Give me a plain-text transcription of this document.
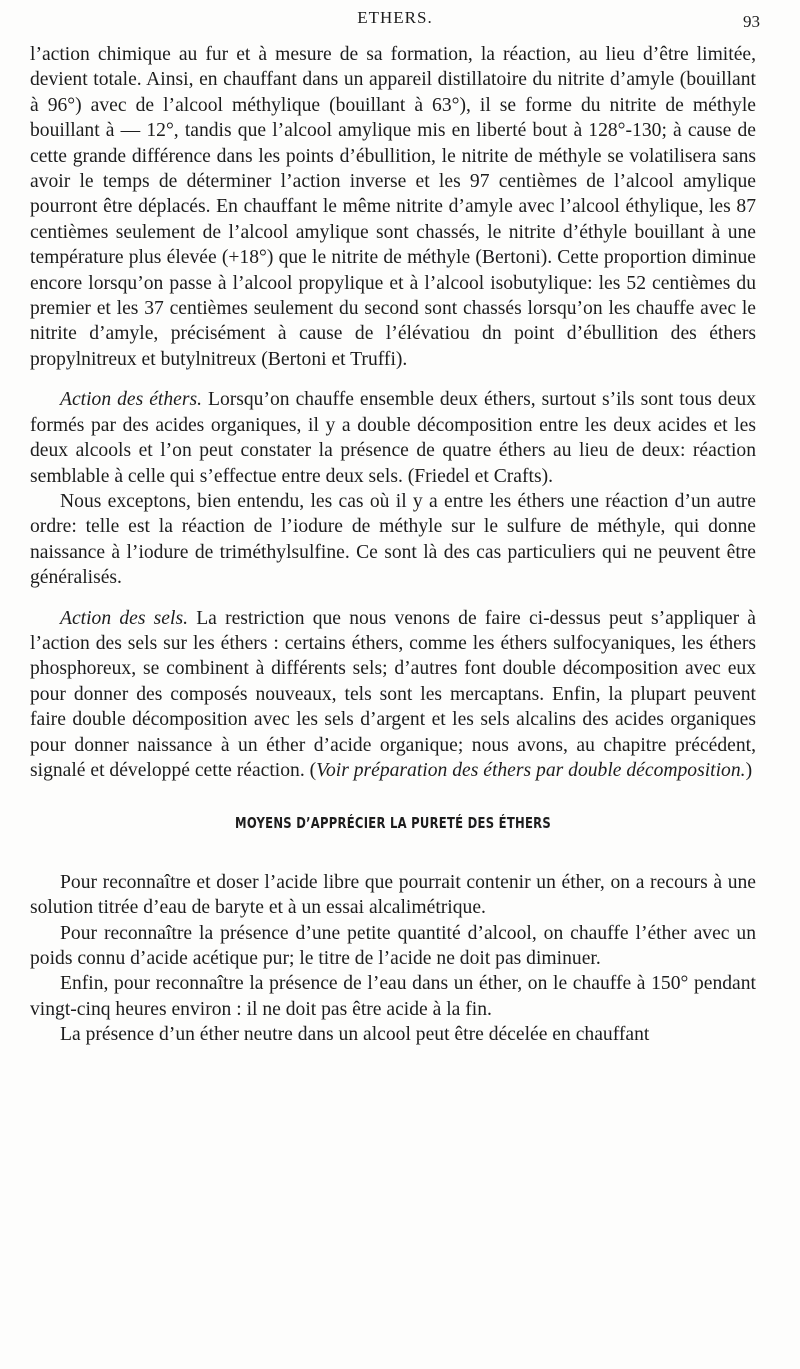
ETHERS.	93

l’action chimique au fur et à mesure de sa formation, la réaction, au lieu d’être limitée, devient totale. Ainsi, en chauffant dans un appareil distillatoire du nitrite d’amyle (bouillant à 96°) avec de l’alcool méthylique (bouillant à 63°), il se forme du nitrite de méthyle bouillant à — 12°, tandis que l’alcool amylique mis en liberté bout à 128°-130; à cause de cette grande différence dans les points d’ébullition, le nitrite de méthyle se volatilisera sans avoir le temps de déterminer l’action inverse et les 97 centièmes de l’alcool amylique pourront être déplacés. En chauffant le même nitrite d’amyle avec l’alcool éthylique, les 87 centièmes seulement de l’alcool amylique sont chassés, le nitrite d’éthyle bouillant à une température plus élevée (+18°) que le nitrite de méthyle (Bertoni). Cette proportion diminue encore lorsqu’on passe à l’alcool propylique et à l’alcool isobutylique: les 52 centièmes du premier et les 37 centièmes seulement du second sont chassés lorsqu’on les chauffe avec le nitrite d’amyle, précisément à cause de l’élévatiou dn point d’ébullition des éthers propylnitreux et butylnitreux (Bertoni et Truffi).

Action des éthers. Lorsqu’on chauffe ensemble deux éthers, surtout s’ils sont tous deux formés par des acides organiques, il y a double décomposition entre les deux acides et les deux alcools et l’on peut constater la présence de quatre éthers au lieu de deux: réaction semblable à celle qui s’effectue entre deux sels. (Friedel et Crafts).

Nous exceptons, bien entendu, les cas où il y a entre les éthers une réaction d’un autre ordre: telle est la réaction de l’iodure de méthyle sur le sulfure de méthyle, qui donne naissance à l’iodure de triméthylsulfine. Ce sont là des cas particuliers qui ne peuvent être généralisés.

Action des sels. La restriction que nous venons de faire ci-dessus peut s’appliquer à l’action des sels sur les éthers : certains éthers, comme les éthers sulfocyaniques, les éthers phosphoreux, se combinent à différents sels; d’autres font double décomposition avec eux pour donner des composés nouveaux, tels sont les mercaptans. Enfin, la plupart peuvent faire double décomposition avec les sels d’argent et les sels alcalins des acides organiques pour donner naissance à un éther d’acide organique; nous avons, au chapitre précédent, signalé et développé cette réaction. (Voir préparation des éthers par double décomposition.)

MOYENS D’APPRÉCIER LA PURETÉ DES ÉTHERS

Pour reconnaître et doser l’acide libre que pourrait contenir un éther, on a recours à une solution titrée d’eau de baryte et à un essai alcalimétrique.

Pour reconnaître la présence d’une petite quantité d’alcool, on chauffe l’éther avec un poids connu d’acide acétique pur; le titre de l’acide ne doit pas diminuer.

Enfin, pour reconnaître la présence de l’eau dans un éther, on le chauffe à 150° pendant vingt-cinq heures environ : il ne doit pas être acide à la fin.

La présence d’un éther neutre dans un alcool peut être décelée en chauffant
